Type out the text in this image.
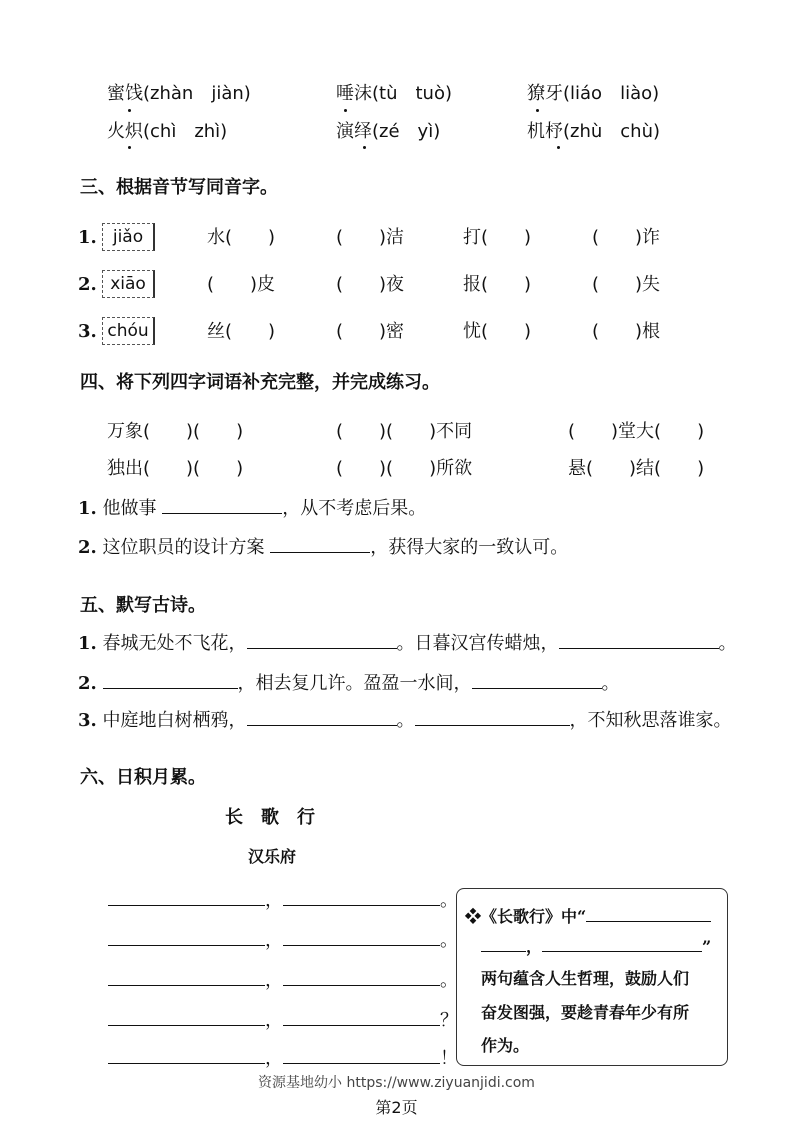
蜜饯(zhàn　jiàn)	唾沫(tù　tuò)	獠牙(liáo　liào)
火炽(chì　zhì)	演绎(zé　yì)	机杼(zhù　chù)
三、根据音节写同音字。
1. jiǎo	水(　　)	(　　)洁	打(　　)	(　　)诈
2. xiāo	(　　)皮	(　　)夜	报(　　)	(　　)失
3. chóu	丝(　　)	(　　)密	忧(　　)	(　　)根
四、将下列四字词语补充完整，并完成练习。
万象(　　)(　　)	(　　)(　　)不同	(　　)堂大(　　)
独出(　　)(　　)	(　　)(　　)所欲	悬(　　)结(　　)
1. 他做事	，从不考虑后果。
2. 这位职员的设计方案	，获得大家的一致认可。
五、默写古诗。
1. 春城无处不飞花，	。日暮汉宫传蜡烛，	。
2.	，相去复几许。盈盈一水间，	。
3. 中庭地白树栖鸦，	。	，不知秋思落谁家。
六、日积月累。
长　歌　行
汉乐府
，	。
，	。
，	。
，	？
，	！
❖《长歌行》中“
，	”
两句蕴含人生哲理，鼓励人们
奋发图强，要趁青春年少有所
作为。
资源基地幼小 https://www.ziyuanjidi.com
第2页
